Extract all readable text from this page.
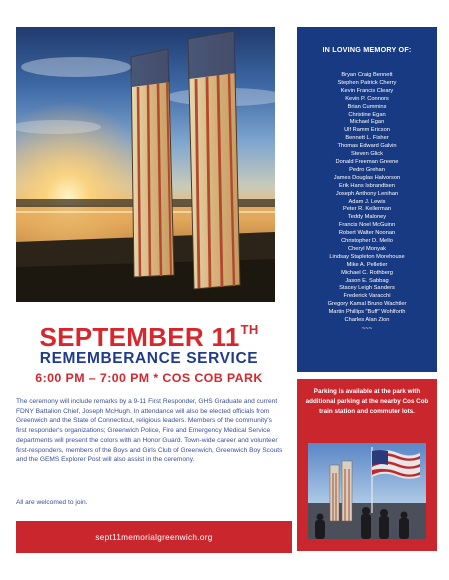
IN LOVING MEMORY OF:
Bryan Craig Bennett
Stephen Patrick Cherry
Kevin Francis Cleary
Kevin P. Connors
Brian Cummins
Christine Egan
Michael Egan
Ulf Ramm Ericson
Bennett L. Fisher
Thomas Edward Galvin
Steven Glick
Donald Freeman Greene
Pedro Grehan
James Douglas Halvorson
Erik Hans Isbrandtsen
Joseph Anthony Lenihan
Adam J. Lewis
Peter R. Kellerman
Teddy Maloney
Francis Noel McGuinn
Robert Walter Noonan
Christopher D. Mello
Cheryl Monyak
Lindsay Stapleton Morehouse
Mike A. Pelletier
Michael C. Rothberg
Jason E. Sabbag
Stacey Leigh Sanders
Frederick Varacchi
Gregory Kamal Bruno Wachtler
Martin Phillips "Buff" Wohlforth
Charles Alan Zion
~~~
SEPTEMBER 11TH
REMEMBERANCE SERVICE
6:00 PM – 7:00 PM * COS COB PARK
The ceremony will include remarks by a 9-11 First Responder, GHS Graduate and current FDNY Battalion Chief, Joseph McHugh. In attendance will also be elected officials from Greenwich and the State of Connecticut, religious leaders. Members of the community's first responder's organizations; Greenwich Police, Fire and Emergency Medical Service departments will present the colors with an Honor Guard. Town-wide career and volunteer first-responders, members of the Boys and Girls Club of Greenwich, Greenwich Boy Scouts and the GEMS Explorer Post will also assist in the ceremony.
All are welcomed to join.
sept11memorialgreenwich.org
Parking is available at the park with additional parking at the nearby Cos Cob train station and commuter lots.
